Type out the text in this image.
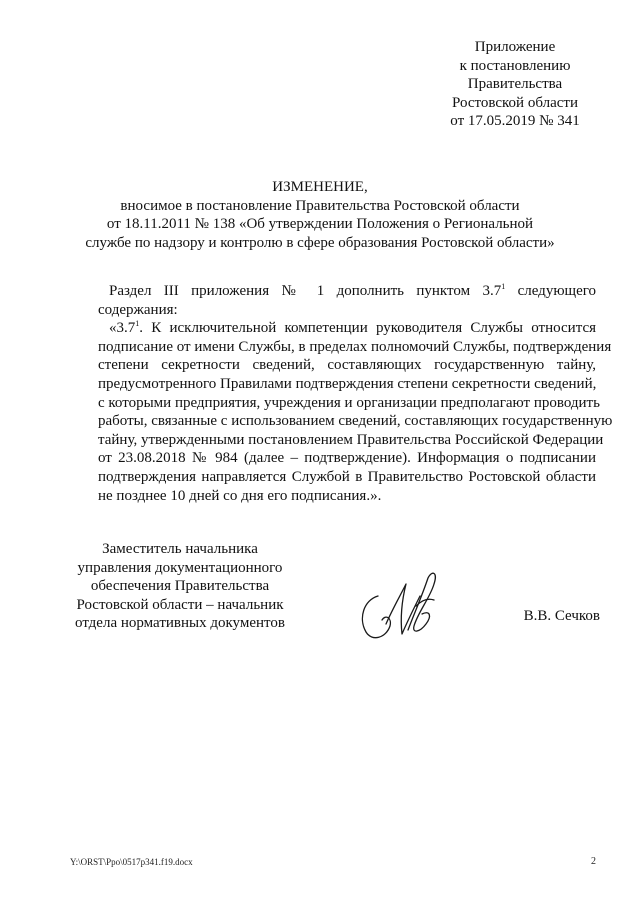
Приложение
к постановлению
Правительства
Ростовской области
от 17.05.2019 № 341
ИЗМЕНЕНИЕ,
вносимое в постановление Правительства Ростовской области
от 18.11.2011 № 138 «Об утверждении Положения о Региональной
службе по надзору и контролю в сфере образования Ростовской области»
Раздел III приложения № 1 дополнить пунктом $3.7^1$ следующего
содержания:
«$3.7^1$. К исключительной компетенции руководителя Службы относится
подписание от имени Службы, в пределах полномочий Службы, подтверждения
степени секретности сведений, составляющих государственную тайну,
предусмотренного Правилами подтверждения степени секретности сведений,
с которыми предприятия, учреждения и организации предполагают проводить
работы, связанные с использованием сведений, составляющих государственную
тайну, утвержденными постановлением Правительства Российской Федерации
от 23.08.2018 № 984 (далее – подтверждение). Информация о подписании
подтверждения направляется Службой в Правительство Ростовской области
не позднее 10 дней со дня его подписания.».
Заместитель начальника
управления документационного
обеспечения Правительства
Ростовской области – начальник
отдела нормативных документов	В.В. Сечков
Y:\ORST\Ppo\0517p341.f19.docx	2
